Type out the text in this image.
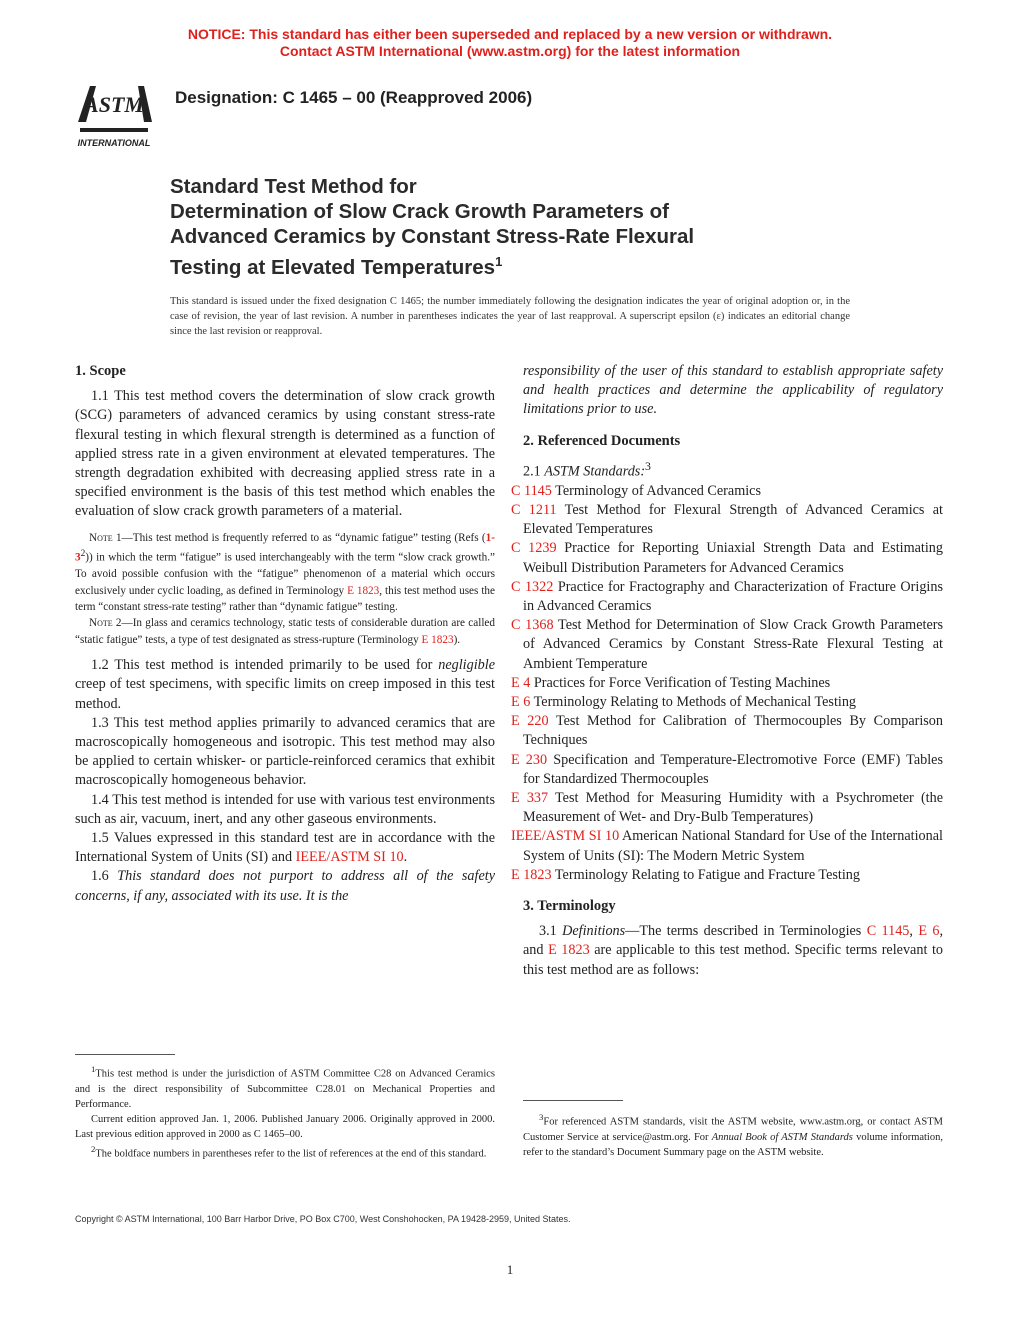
NOTICE: This standard has either been superseded and replaced by a new version or withdrawn.
Contact ASTM International (www.astm.org) for the latest information
ASTM
INTERNATIONAL
Designation: C 1465 – 00 (Reapproved 2006)
Standard Test Method for
Determination of Slow Crack Growth Parameters of
Advanced Ceramics by Constant Stress-Rate Flexural
Testing at Elevated Temperatures$^1$
This standard is issued under the fixed designation C 1465; the number immediately following the designation indicates the year of original adoption or, in the case of revision, the year of last revision. A number in parentheses indicates the year of last reapproval. A superscript epsilon (ε) indicates an editorial change since the last revision or reapproval.

1. Scope

1.1 This test method covers the determination of slow crack growth (SCG) parameters of advanced ceramics by using constant stress-rate flexural testing in which flexural strength is determined as a function of applied stress rate in a given environment at elevated temperatures. The strength degradation exhibited with decreasing applied stress rate in a specified environment is the basis of this test method which enables the evaluation of slow crack growth parameters of a material.

Note 1—This test method is frequently referred to as “dynamic fatigue” testing (Refs $(1-3^2)$) in which the term “fatigue” is used interchangeably with the term “slow crack growth.” To avoid possible confusion with the “fatigue” phenomenon of a material which occurs exclusively under cyclic loading, as defined in Terminology E 1823, this test method uses the term “constant stress-rate testing” rather than “dynamic fatigue” testing.

Note 2—In glass and ceramics technology, static tests of considerable duration are called “static fatigue” tests, a type of test designated as stress-rupture (Terminology E 1823).

1.2 This test method is intended primarily to be used for negligible creep of test specimens, with specific limits on creep imposed in this test method.

1.3 This test method applies primarily to advanced ceramics that are macroscopically homogeneous and isotropic. This test method may also be applied to certain whisker- or particle-reinforced ceramics that exhibit macroscopically homogeneous behavior.

1.4 This test method is intended for use with various test environments such as air, vacuum, inert, and any other gaseous environments.

1.5 Values expressed in this standard test are in accordance with the International System of Units (SI) and IEEE/ASTM SI 10.

1.6 This standard does not purport to address all of the safety concerns, if any, associated with its use. It is the

$^1$This test method is under the jurisdiction of ASTM Committee C28 on Advanced Ceramics and is the direct responsibility of Subcommittee C28.01 on Mechanical Properties and Performance.

Current edition approved Jan. 1, 2006. Published January 2006. Originally approved in 2000. Last previous edition approved in 2000 as C 1465–00.

$^2$The boldface numbers in parentheses refer to the list of references at the end of this standard.

responsibility of the user of this standard to establish appropriate safety and health practices and determine the applicability of regulatory limitations prior to use.

2. Referenced Documents

2.1 ASTM Standards:$^3$

C 1145 Terminology of Advanced Ceramics

C 1211 Test Method for Flexural Strength of Advanced Ceramics at Elevated Temperatures

C 1239 Practice for Reporting Uniaxial Strength Data and Estimating Weibull Distribution Parameters for Advanced Ceramics

C 1322 Practice for Fractography and Characterization of Fracture Origins in Advanced Ceramics

C 1368 Test Method for Determination of Slow Crack Growth Parameters of Advanced Ceramics by Constant Stress-Rate Flexural Testing at Ambient Temperature

E 4 Practices for Force Verification of Testing Machines

E 6 Terminology Relating to Methods of Mechanical Testing

E 220 Test Method for Calibration of Thermocouples By Comparison Techniques

E 230 Specification and Temperature-Electromotive Force (EMF) Tables for Standardized Thermocouples

E 337 Test Method for Measuring Humidity with a Psychrometer (the Measurement of Wet- and Dry-Bulb Temperatures)

IEEE/ASTM SI 10 American National Standard for Use of the International System of Units (SI): The Modern Metric System

E 1823 Terminology Relating to Fatigue and Fracture Testing

3. Terminology

3.1 Definitions—The terms described in Terminologies C 1145, E 6, and E 1823 are applicable to this test method. Specific terms relevant to this test method are as follows:

$^3$For referenced ASTM standards, visit the ASTM website, www.astm.org, or contact ASTM Customer Service at service@astm.org. For Annual Book of ASTM Standards volume information, refer to the standard’s Document Summary page on the ASTM website.

Copyright © ASTM International, 100 Barr Harbor Drive, PO Box C700, West Conshohocken, PA 19428-2959, United States.
1
